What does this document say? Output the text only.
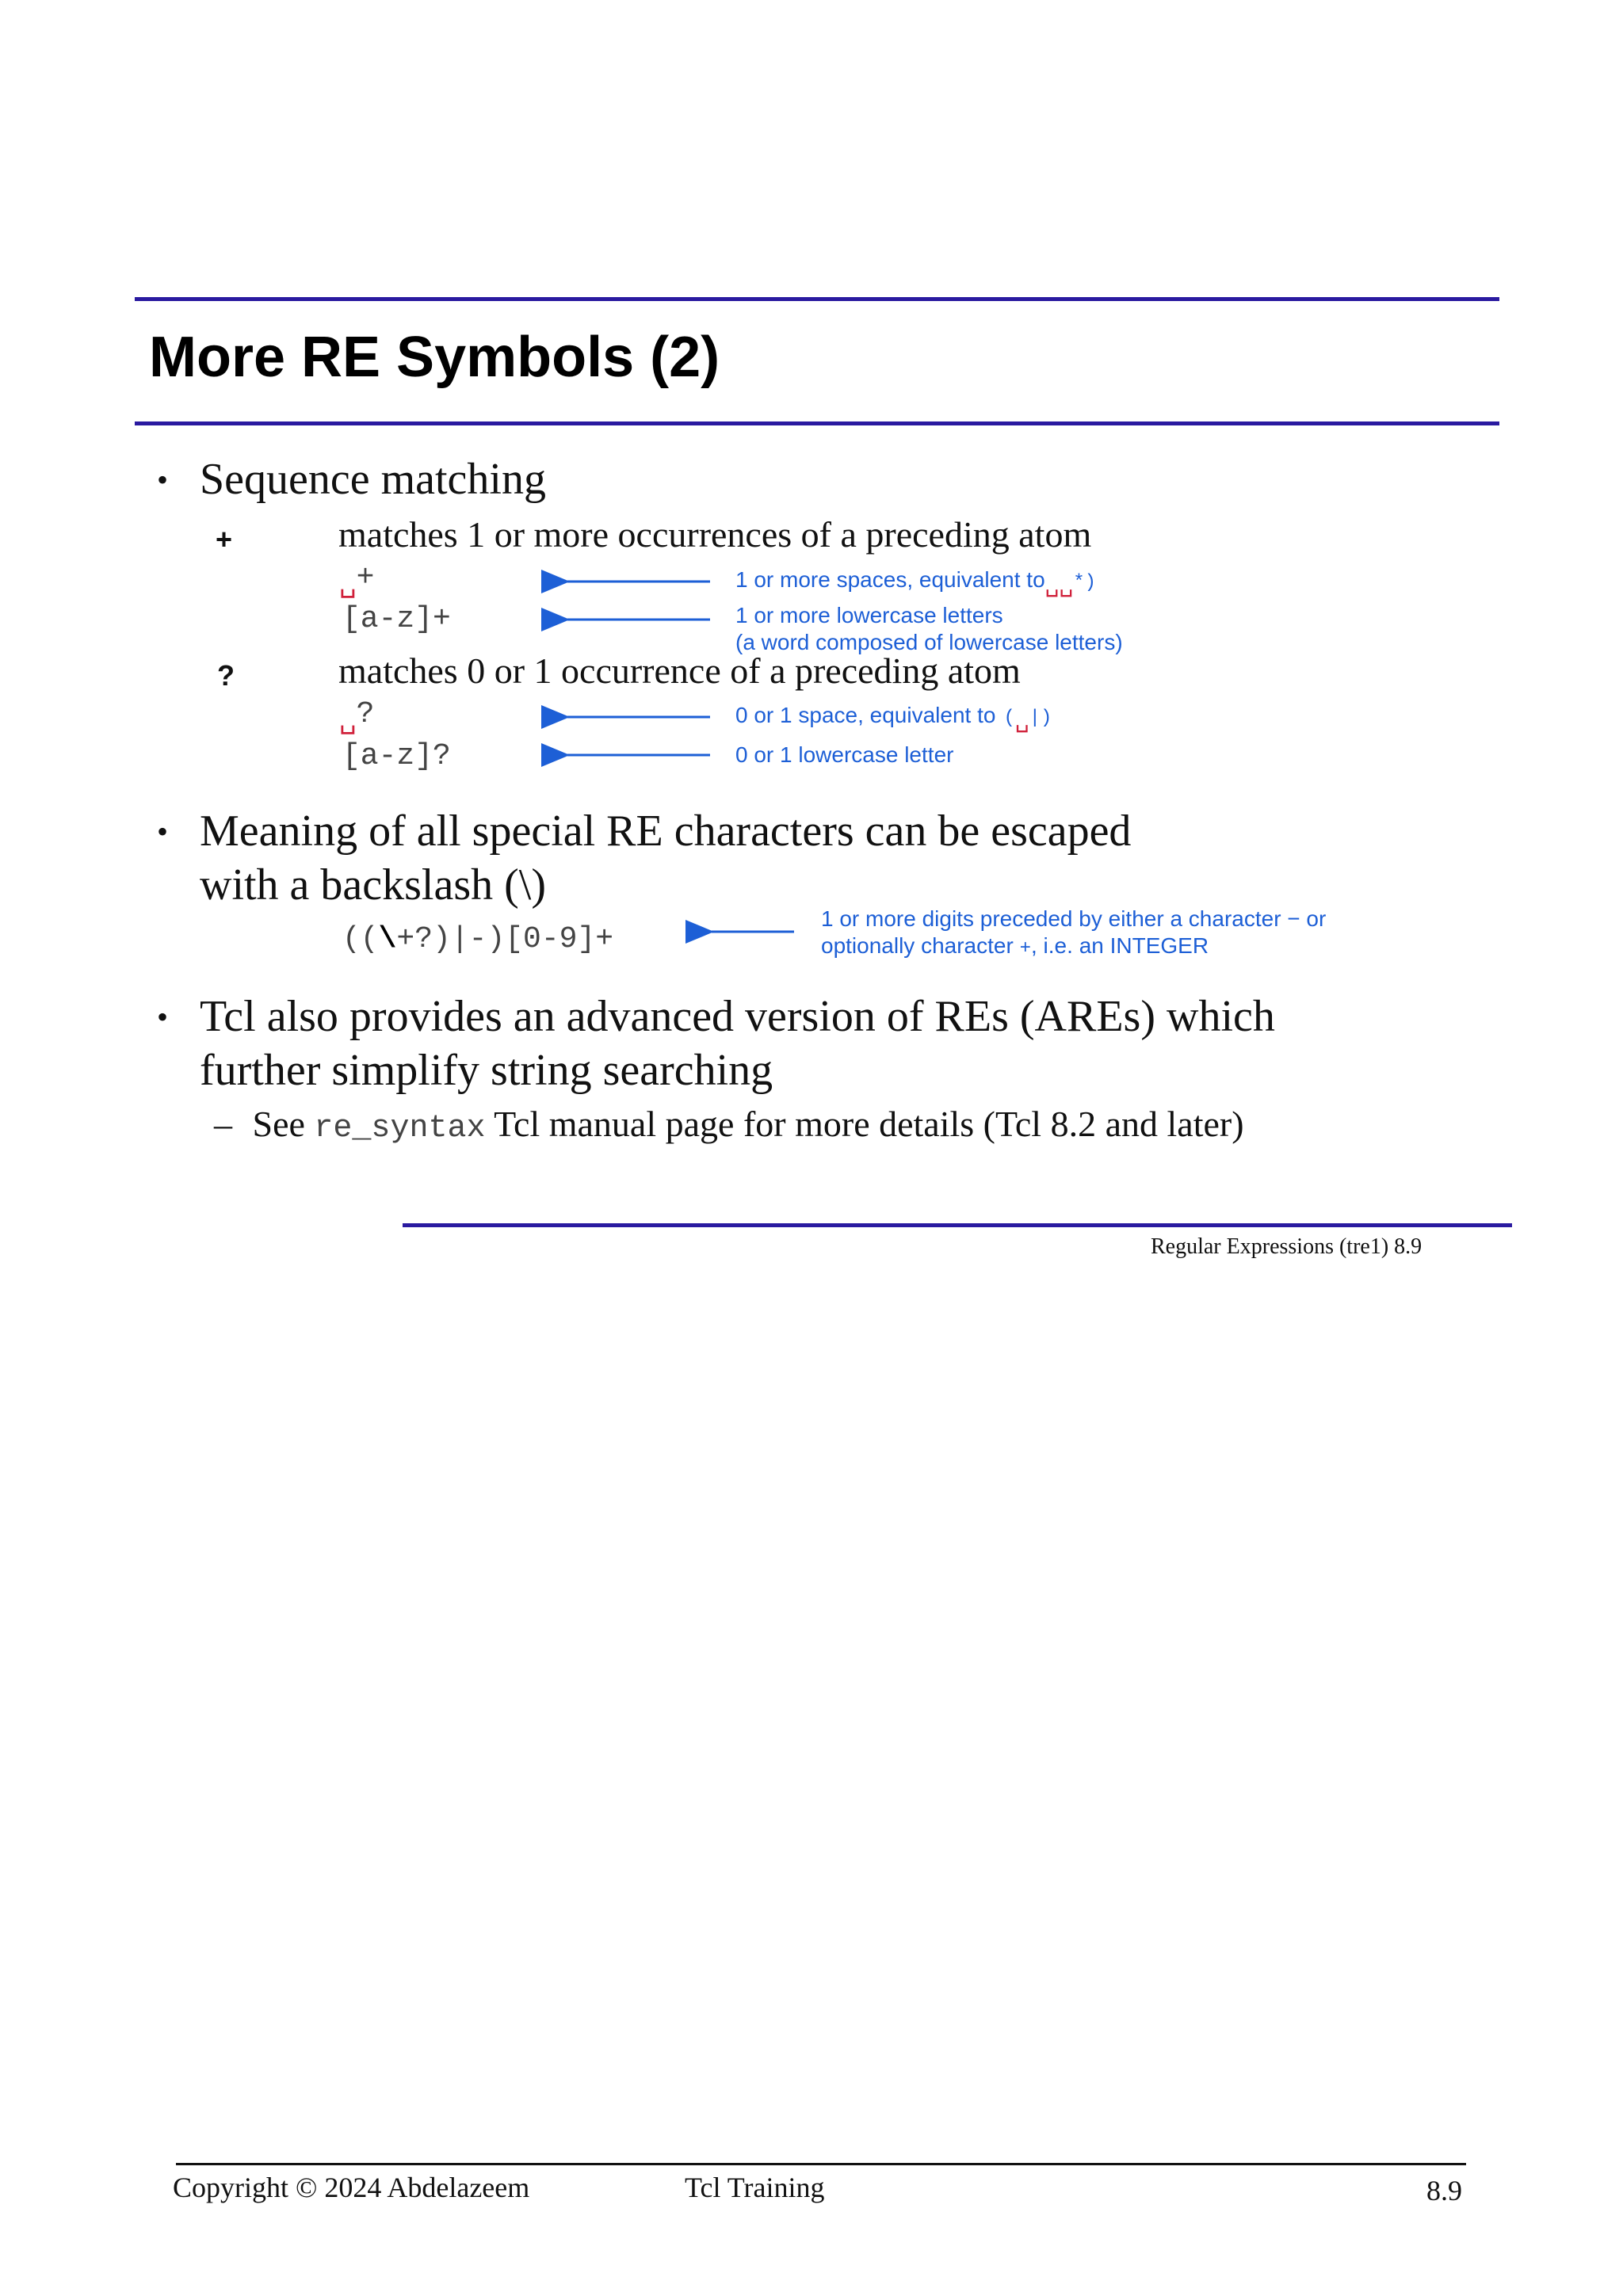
More RE Symbols (2)
• Sequence matching
+	matches 1 or more occurrences of a preceding atom
␣+	1 or more spaces, equivalent to␣␣*)
[a-z]+	1 or more lowercase letters
(a word composed of lowercase letters)
?	matches 0 or 1 occurrence of a preceding atom
␣?	0 or 1 space, equivalent to (␣|)
[a-z]?	0 or 1 lowercase letter
• Meaning of all special RE characters can be escaped
with a backslash (\)
((\+?)|-)[0-9]+
1 or more digits preceded by either a character − or
optionally character +, i.e. an INTEGER
• Tcl also provides an advanced version of REs (AREs) which
further simplify string searching
– See re_syntax Tcl manual page for more details (Tcl 8.2 and later)
Regular Expressions (tre1) 8.9
Copyright © 2024 Abdelazeem	Tcl Training	8.9
